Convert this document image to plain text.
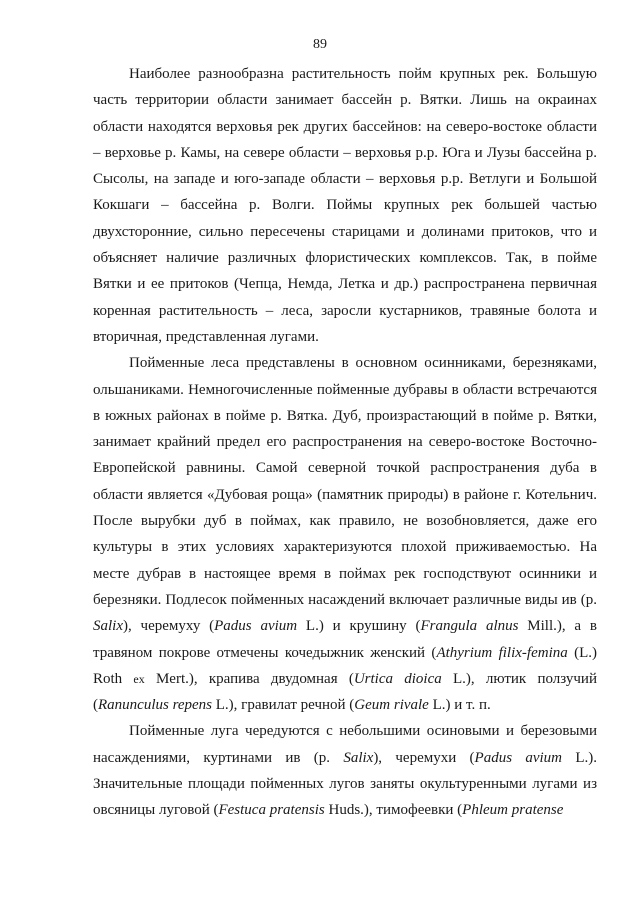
89

Наиболее разнообразна растительность пойм крупных рек. Большую часть территории области занимает бассейн р. Вятки. Лишь на окраинах области находятся верховья рек других бассейнов: на северо-востоке области – верховье р. Камы, на севере области – верховья р.р. Юга и Лузы бассейна р. Сысолы, на западе и юго-западе области – верховья р.р. Ветлуги и Большой Кокшаги – бассейна р. Волги. Поймы крупных рек большей частью двухсторонние, сильно пересечены старицами и долинами притоков, что и объясняет наличие различных флористических комплексов. Так, в пойме Вятки и ее притоков (Чепца, Немда, Летка и др.) распространена первичная коренная растительность – леса, заросли кустарников, травяные болота и вторичная, представленная лугами.

Пойменные леса представлены в основном осинниками, березняками, ольшаниками. Немногочисленные пойменные дубравы в области встречаются в южных районах в пойме р. Вятка. Дуб, произрастающий в пойме р. Вятки, занимает крайний предел его распространения на северо-востоке Восточно-Европейской равнины. Самой северной точкой распространения дуба в области является «Дубовая роща» (памятник природы) в районе г. Котельнич. После вырубки дуб в поймах, как правило, не возобновляется, даже его культуры в этих условиях характеризуются плохой приживаемостью. На месте дубрав в настоящее время в поймах рек господствуют осинники и березняки. Подлесок пойменных насаждений включает различные виды ив (р. Salix), черемуху (Padus avium L.) и крушину (Frangula alnus Mill.), а в травяном покрове отмечены кочедыжник женский (Athyrium filix-femina (L.) Roth ex Mert.), крапива двудомная (Urtica dioica L.), лютик ползучий (Ranunculus repens L.), гравилат речной (Geum rivale L.) и т. п.

Пойменные луга чередуются с небольшими осиновыми и березовыми насаждениями, куртинами ив (р. Salix), черемухи (Padus avium L.). Значительные площади пойменных лугов заняты окультуренными лугами из овсяницы луговой (Festuca pratensis Huds.), тимофеевки (Phleum pratense
